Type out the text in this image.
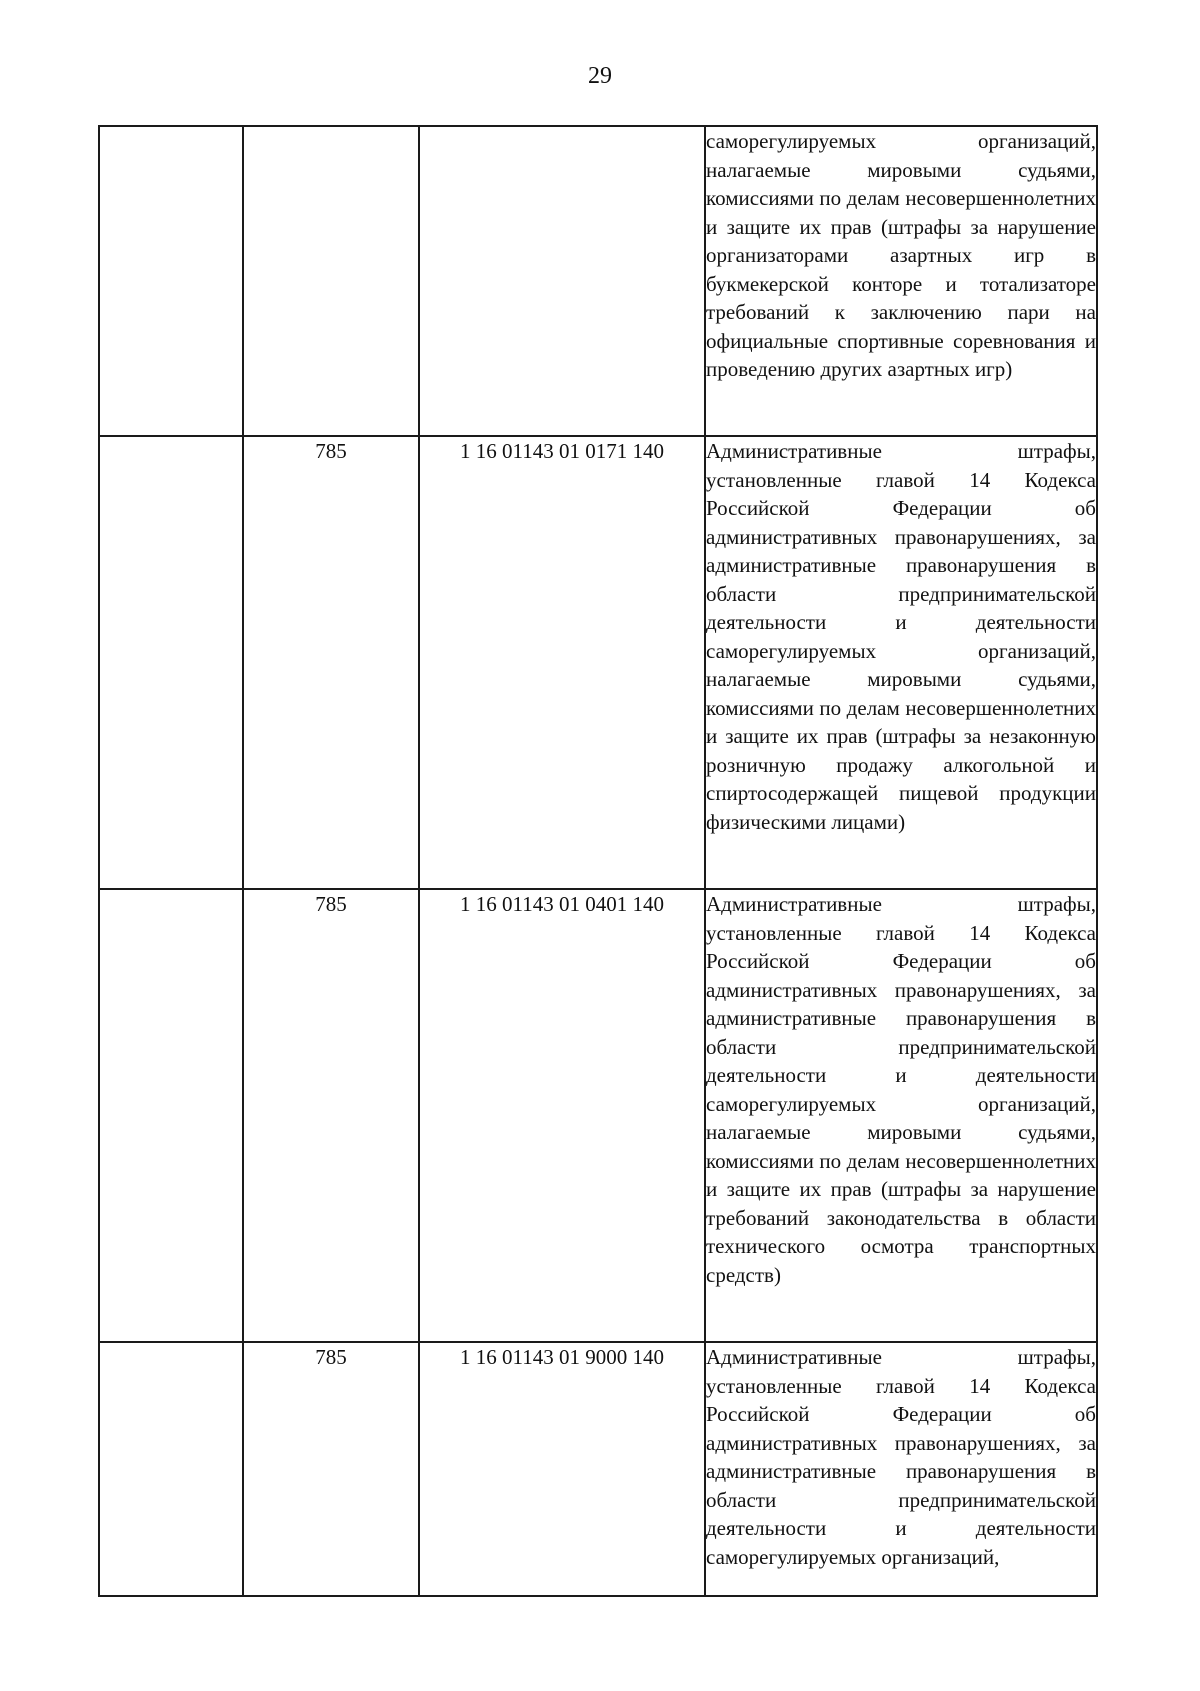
29

			саморегулируемых организаций, налагаемые мировыми судьями, комиссиями по делам несовершеннолетних и защите их прав (штрафы за нарушение организаторами азартных игр в букмекерской конторе и тотализаторе требований к заключению пари на официальные спортивные соревнования и проведению других азартных игр)

	785	1 16 01143 01 0171 140	Административные штрафы, установленные главой 14 Кодекса Российской Федерации об административных правонарушениях, за административные правонарушения в области предпринимательской деятельности и деятельности саморегулируемых организаций, налагаемые мировыми судьями, комиссиями по делам несовершеннолетних и защите их прав (штрафы за незаконную розничную продажу алкогольной и спиртосодержащей пищевой продукции физическими лицами)

	785	1 16 01143 01 0401 140	Административные штрафы, установленные главой 14 Кодекса Российской Федерации об административных правонарушениях, за административные правонарушения в области предпринимательской деятельности и деятельности саморегулируемых организаций, налагаемые мировыми судьями, комиссиями по делам несовершеннолетних и защите их прав (штрафы за нарушение требований законодательства в области технического осмотра транспортных средств)

	785	1 16 01143 01 9000 140	Административные штрафы, установленные главой 14 Кодекса Российской Федерации об административных правонарушениях, за административные правонарушения в области предпринимательской деятельности и деятельности саморегулируемых организаций,
